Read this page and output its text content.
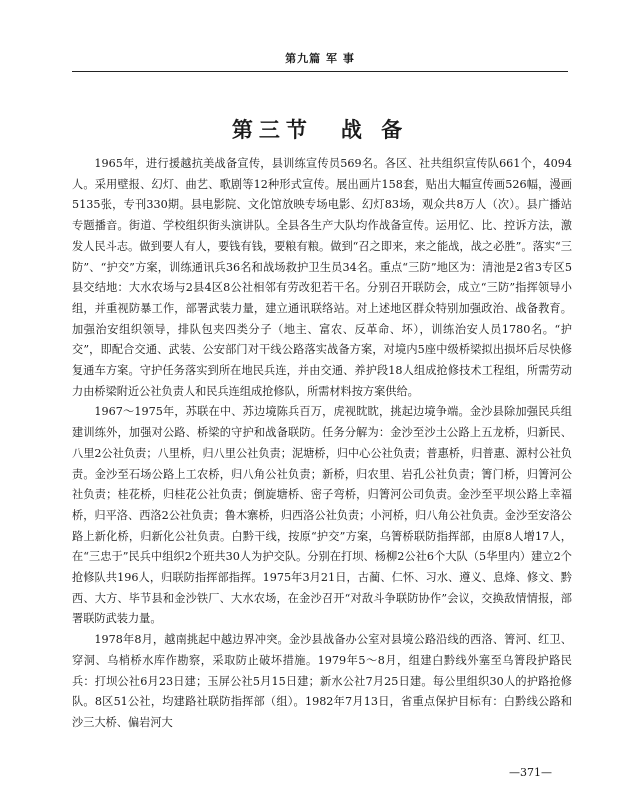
第九篇 军 事
第三节 战 备

1965年，进行援越抗美战备宣传，县训练宣传员569名。各区、社共组织宣传队661个，4094人。采用壁报、幻灯、曲艺、歌剧等12种形式宣传。展出画片158套，贴出大幅宣传画526幅，漫画5135张，专刊330期。县电影院、文化馆放映专场电影、幻灯83场，观众共8万人（次）。县广播站专题播音。街道、学校组织街头演讲队。全县各生产大队均作战备宣传。运用忆、比、控诉方法，激发人民斗志。做到要人有人，要钱有钱，要粮有粮。做到“召之即来，来之能战，战之必胜”。落实“三防”、“护交”方案，训练通讯兵36名和战场救护卫生员34名。重点“三防”地区为：清池是2省3专区5县交结地：大水农场与2县4区8公社相邻有劳改犯若干名。分别召开联防会，成立“三防”指挥领导小组，并重视防暴工作，部署武装力量，建立通讯联络站。对上述地区群众特别加强政治、战备教育。加强治安组织领导，排队包夹四类分子（地主、富农、反革命、坏），训练治安人员1780名。“护交”，即配合交通、武装、公安部门对干线公路落实战备方案，对境内5座中级桥梁拟出损坏后尽快修复通车方案。守护任务落实到所在地民兵连，并由交通、养护段18人组成抢修技术工程组，所需劳动力由桥梁附近公社负责人和民兵连组成抢修队，所需材料按方案供给。

1967～1975年，苏联在中、苏边境陈兵百万，虎视眈眈，挑起边境争端。金沙县除加强民兵组建训练外，加强对公路、桥梁的守护和战备联防。任务分解为：金沙至沙土公路上五龙桥，归新民、八里2公社负责；八里桥，归八里公社负责；泥塘桥，归中心公社负责；普惠桥，归普惠、源村公社负责。金沙至石场公路上工农桥，归八角公社负责；新桥，归农里、岩孔公社负责；箐门桥，归箐河公社负责；桂花桥，归桂花公社负责；倒旋塘桥、密子弯桥，归箐河公司负责。金沙至平坝公路上幸福桥，归平洛、西洛2公社负责；鲁木寨桥，归西洛公社负责；小河桥，归八角公社负责。金沙至安洛公路上新化桥，归新化公社负责。白黔干线，按原“护交”方案，乌箐桥联防指挥部，由原8人增17人，在“三忠于”民兵中组织2个班共30人为护交队。分别在打坝、杨柳2公社6个大队（5华里内）建立2个抢修队共196人，归联防指挥部指挥。1975年3月21日，古蔺、仁怀、习水、遵义、息烽、修文、黔西、大方、毕节县和金沙铁厂、大水农场，在金沙召开“对敌斗争联防协作”会议，交换敌情情报，部署联防武装力量。

1978年8月，越南挑起中越边界冲突。金沙县战备办公室对县境公路沿线的西洛、箐河、红卫、穿洞、乌梢桥水库作勘察，采取防止破坏措施。1979年5～8月，组建白黔线外塞至乌箐段护路民兵：打坝公社6月23日建；玉屏公社5月15日建；新水公社7月25日建。每公里组织30人的护路抢修队。8区51公社，均建路社联防指挥部（组）。1982年7月13日，省重点保护目标有：白黔线公路和沙三大桥、偏岩河大

—371—
